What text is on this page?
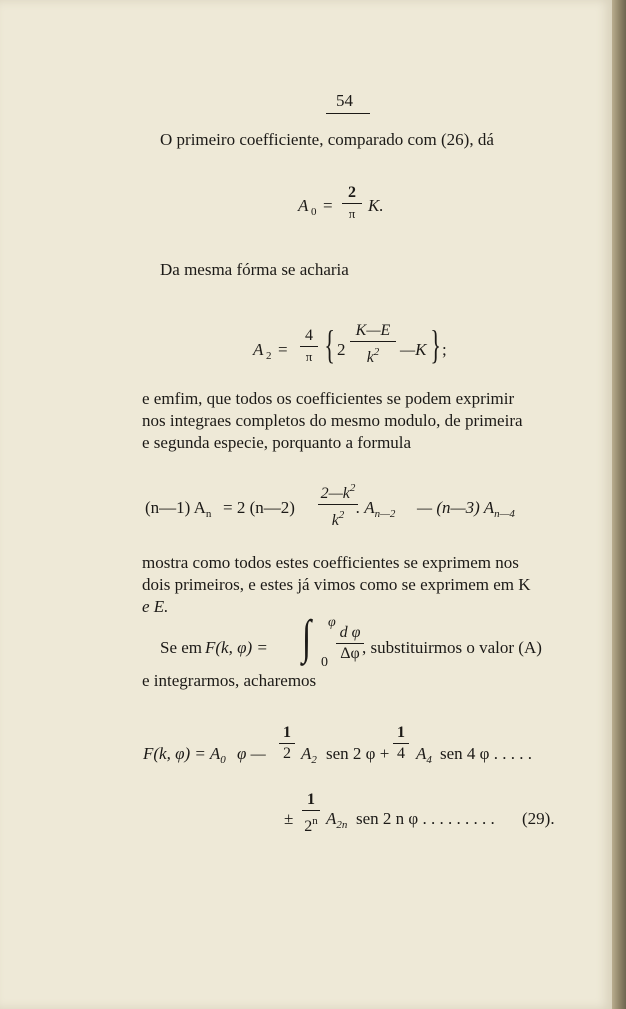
54
O primeiro coefficiente, comparado com (26), dá
A 0 =
2
π K.
Da mesma fórma se acharia
A 2 =
4
π { 2
K—E
$k^2$	—K } ;
e emfim, que todos os coefficientes se podem exprimir
nos integraes completos do mesmo modulo, de primeira
e segunda especie, porquanto a formula
(n—1) $A_n = 2$ (n—2)
$2—k^2$
$k^2$ . $A_{n—2}$ — (n—3) $A_{n—4}$
mostra como todos estes coefficientes se exprimem nos
dois primeiros, e estes já vimos como se exprimem em K
e E.
Se em F(k, φ) = ∫ φ
0
d φ
Δφ , substituirmos o valor (A)
e integrarmos, acharemos
F(k, $\varphi) = A_0$ φ —
1
2 $A_2$ sen 2 φ +
1
4 $A_4$ sen 4 φ . . . . .
±
1
2$^n$ $A_{2n}$ sen 2 n φ . . . . . . . . . (29).
